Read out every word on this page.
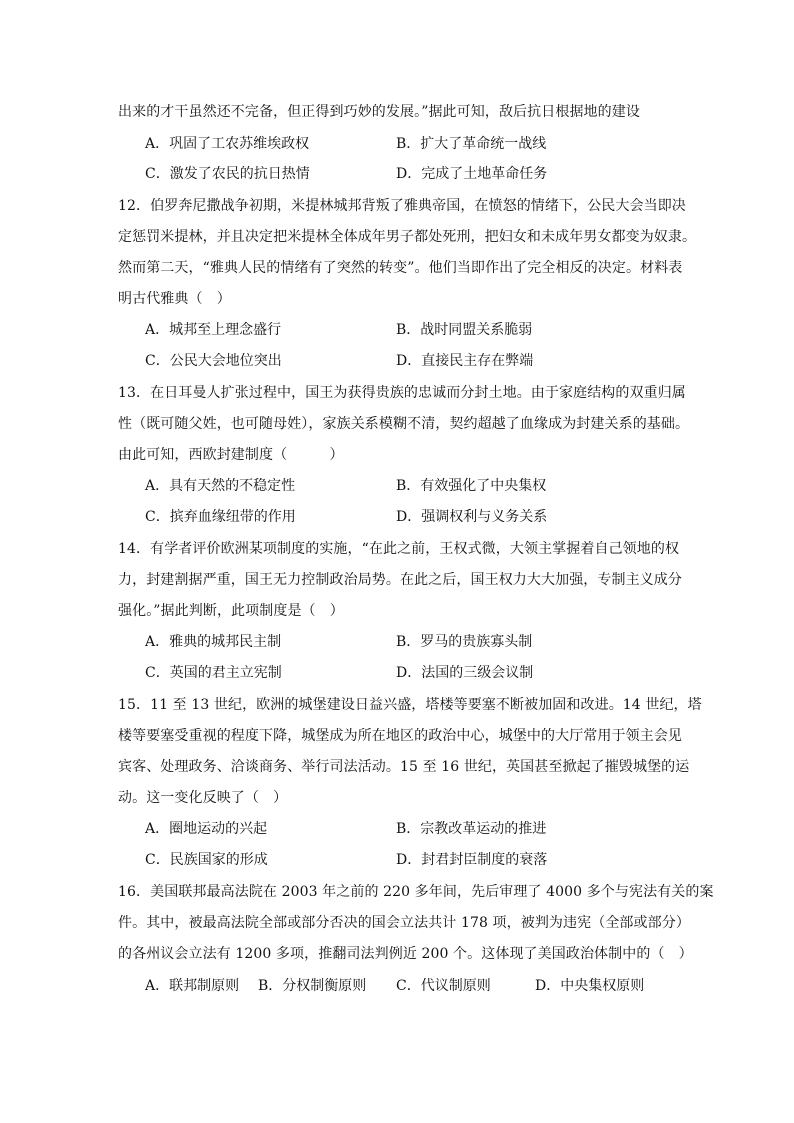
出来的才干虽然还不完备，但正得到巧妙的发展。”据此可知，敌后抗日根据地的建设
A．巩固了工农苏维埃政权	B．扩大了革命统一战线
C．激发了农民的抗日热情	D．完成了土地革命任务
12．伯罗奔尼撒战争初期，米提林城邦背叛了雅典帝国，在愤怒的情绪下，公民大会当即决
定惩罚米提林，并且决定把米提林全体成年男子都处死刑，把妇女和未成年男女都变为奴隶。
然而第二天，“雅典人民的情绪有了突然的转变”。他们当即作出了完全相反的决定。材料表
明古代雅典（　）
A．城邦至上理念盛行	B．战时同盟关系脆弱
C．公民大会地位突出	D．直接民主存在弊端
13．在日耳曼人扩张过程中，国王为获得贵族的忠诚而分封土地。由于家庭结构的双重归属
性（既可随父姓，也可随母姓），家族关系模糊不清，契约超越了血缘成为封建关系的基础。
由此可知，西欧封建制度（　　　）
A．具有天然的不稳定性	B．有效强化了中央集权
C．摈弃血缘纽带的作用	D．强调权利与义务关系
14．有学者评价欧洲某项制度的实施，“在此之前，王权式微，大领主掌握着自己领地的权
力，封建割据严重，国王无力控制政治局势。在此之后，国王权力大大加强，专制主义成分
强化。”据此判断，此项制度是（　）
A．雅典的城邦民主制	B．罗马的贵族寡头制
C．英国的君主立宪制	D．法国的三级会议制
15．11 至 13 世纪，欧洲的城堡建设日益兴盛，塔楼等要塞不断被加固和改进。14 世纪，塔
楼等要塞受重视的程度下降，城堡成为所在地区的政治中心，城堡中的大厅常用于领主会见
宾客、处理政务、洽谈商务、举行司法活动。15 至 16 世纪，英国甚至掀起了摧毁城堡的运
动。这一变化反映了（　）
A．圈地运动的兴起	B．宗教改革运动的推进
C．民族国家的形成	D．封君封臣制度的衰落
16．美国联邦最高法院在 2003 年之前的 220 多年间，先后审理了 4000 多个与宪法有关的案
件。其中，被最高法院全部或部分否决的国会立法共计 178 项，被判为违宪（全部或部分）
的各州议会立法有 1200 多项，推翻司法判例近 200 个。这体现了美国政治体制中的（　）
A．联邦制原则 B．分权制衡原则 C．代议制原则	D．中央集权原则
